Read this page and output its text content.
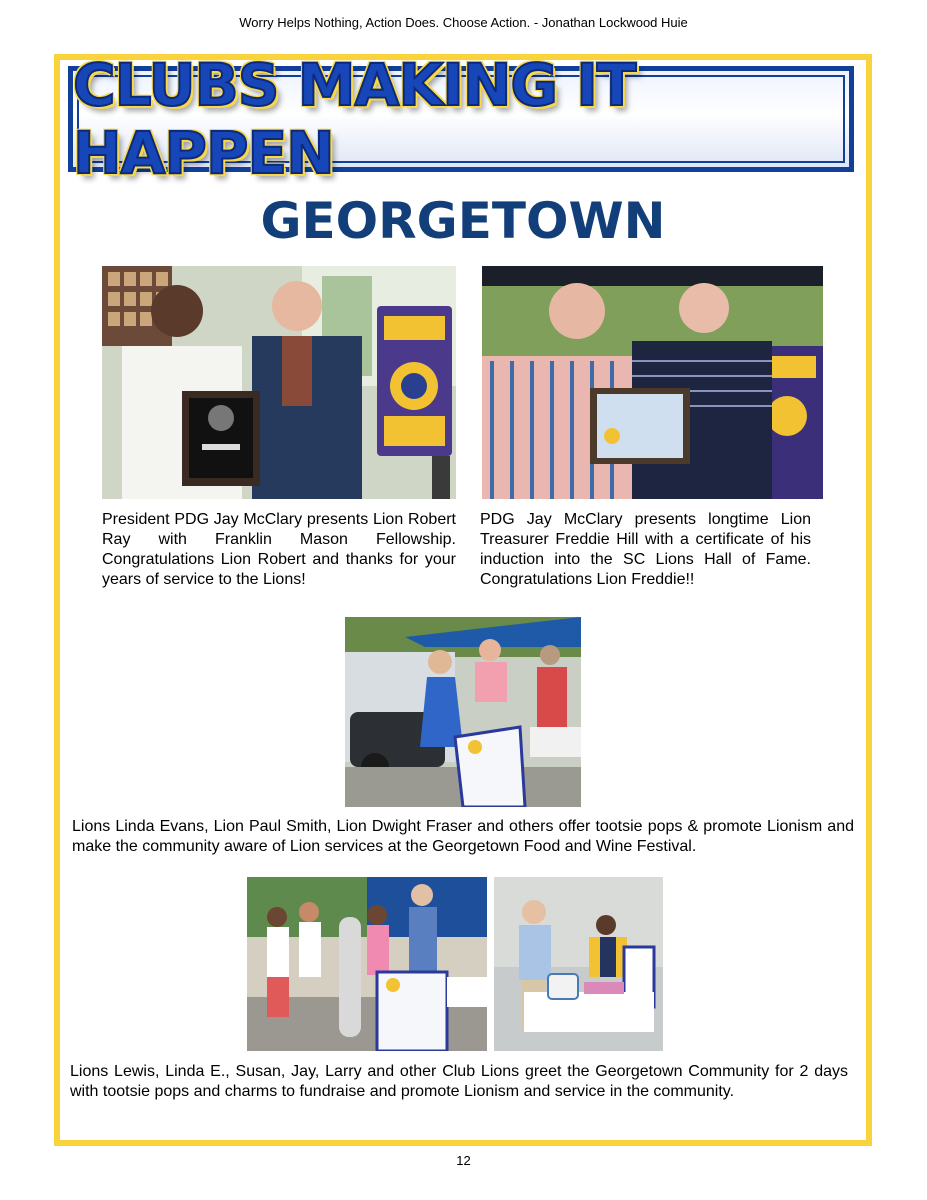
Worry Helps Nothing, Action Does. Choose Action. - Jonathan Lockwood Huie
CLUBS MAKING IT HAPPEN
GEORGETOWN
President PDG Jay McClary presents Lion Robert Ray with Franklin Mason Fellowship. Congratulations Lion Robert and thanks for your years of service to the Lions!
PDG Jay McClary presents longtime Lion Treasurer Freddie Hill with a certificate of his induction into the SC Lions Hall of Fame. Congratulations Lion Freddie!!
Lions Linda Evans, Lion Paul Smith, Lion Dwight Fraser and others offer tootsie pops & promote Lionism and make the community aware of Lion services at the Georgetown Food and Wine Festival.
Lions Lewis, Linda E., Susan, Jay, Larry and other Club Lions greet the Georgetown Community for 2 days with tootsie pops and charms to fundraise and promote Lionism and service in the community.
12
